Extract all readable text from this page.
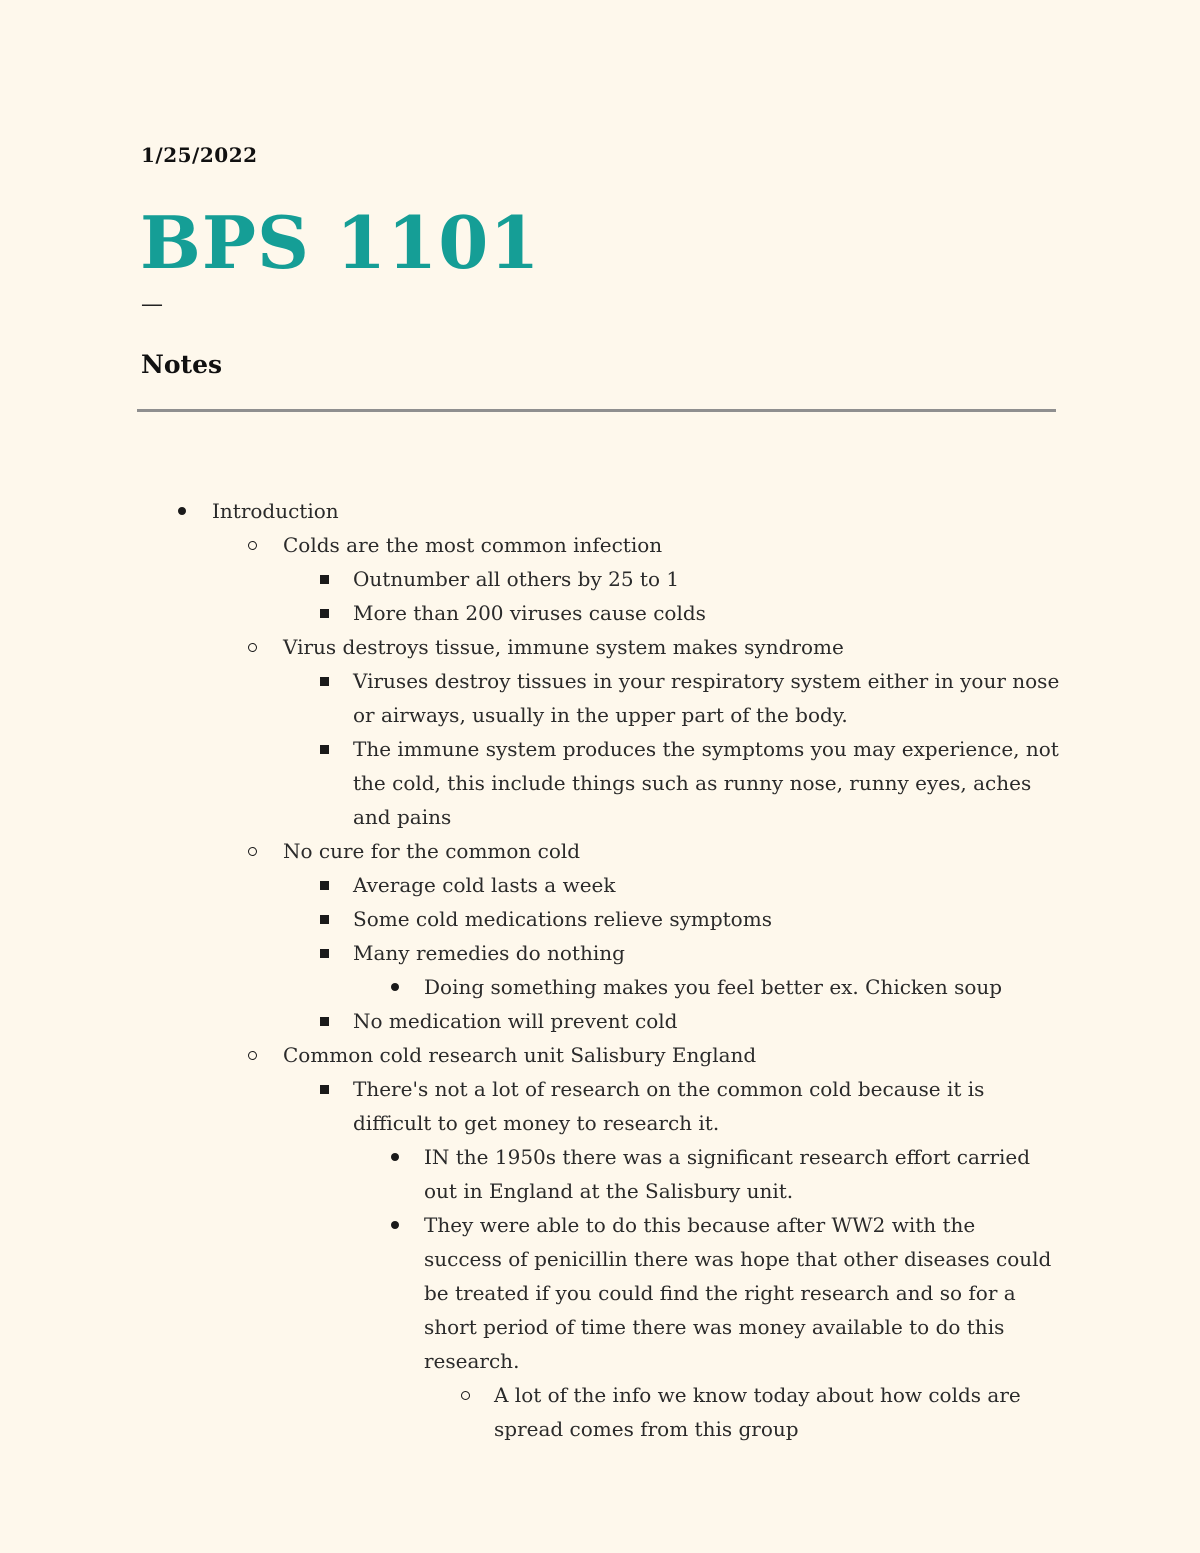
1/25/2022
BPS 1101
—
Notes
Introduction
Colds are the most common infection
Outnumber all others by 25 to 1
More than 200 viruses cause colds
Virus destroys tissue, immune system makes syndrome
Viruses destroy tissues in your respiratory system either in your nose or airways, usually in the upper part of the body.
The immune system produces the symptoms you may experience, not the cold, this include things such as runny nose, runny eyes, aches and pains
No cure for the common cold
Average cold lasts a week
Some cold medications relieve symptoms
Many remedies do nothing
Doing something makes you feel better ex. Chicken soup
No medication will prevent cold
Common cold research unit Salisbury England
There's not a lot of research on the common cold because it is difficult to get money to research it.
IN the 1950s there was a significant research effort carried out in England at the Salisbury unit.
They were able to do this because after WW2 with the success of penicillin there was hope that other diseases could be treated if you could find the right research and so for a short period of time there was money available to do this research.
A lot of the info we know today about how colds are spread comes from this group
